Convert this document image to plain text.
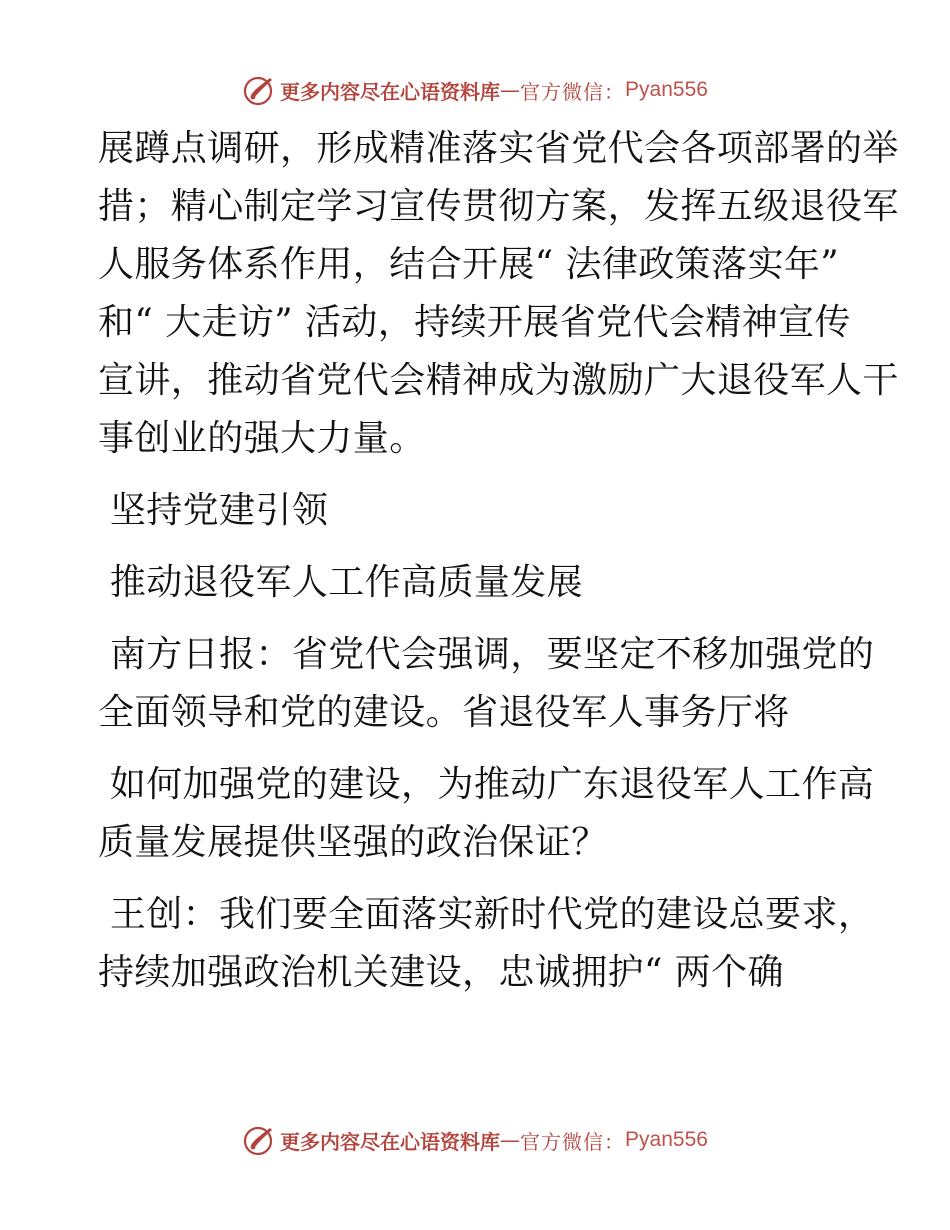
更多内容尽在心语资料库 — 官方微信： Pyan556

展蹲点调研，形成精准落实省党代会各项部署的举

措；精心制定学习宣传贯彻方案，发挥五级退役军

人服务体系作用，结合开展“ 法律政策落实年”

和“ 大走访” 活动，持续开展省党代会精神宣传

宣讲，推动省党代会精神成为激励广大退役军人干

事创业的强大力量。

坚持党建引领

推动退役军人工作高质量发展

南方日报：省党代会强调，要坚定不移加强党的

全面领导和党的建设。省退役军人事务厅将

如何加强党的建设，为推动广东退役军人工作高

质量发展提供坚强的政治保证？

王创：我们要全面落实新时代党的建设总要求，

持续加强政治机关建设，忠诚拥护“ 两个确

更多内容尽在心语资料库 — 官方微信： Pyan556
